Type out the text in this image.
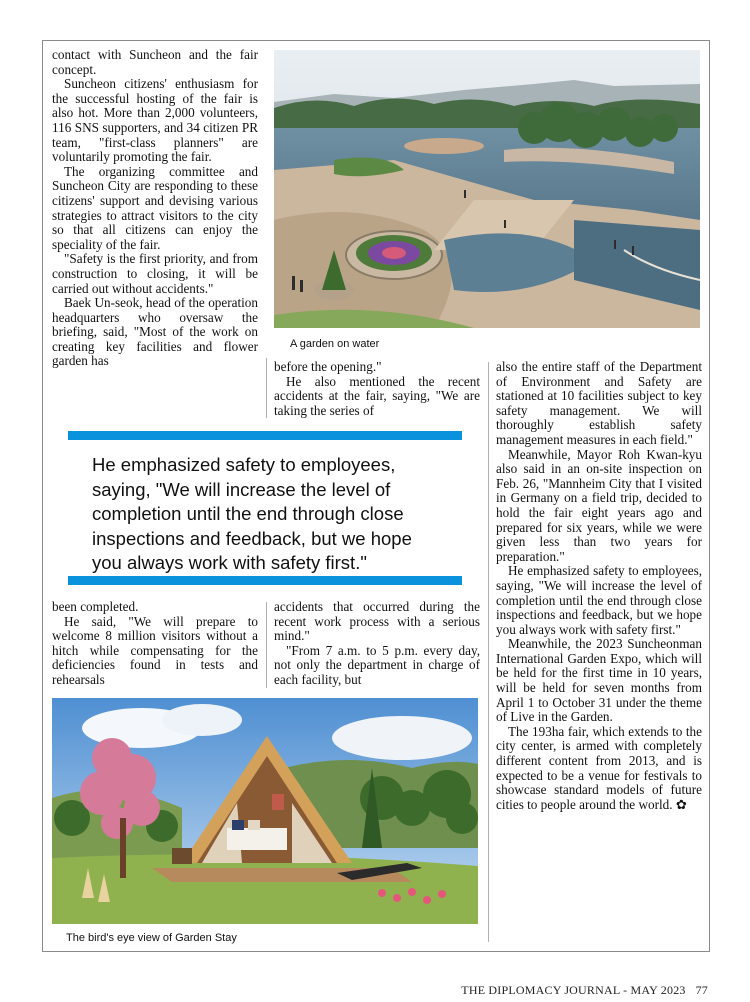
contact with Suncheon and the fair concept.

Suncheon citizens' enthusiasm for the successful hosting of the fair is also hot. More than 2,000 volunteers, 116 SNS supporters, and 34 citizen PR team, "first-class planners" are voluntarily promoting the fair.

The organizing committee and Suncheon City are responding to these citizens' support and devising various strategies to attract visitors to the city so that all citizens can enjoy the speciality of the fair.

"Safety is the first priority, and from construction to closing, it will be carried out without accidents."

Baek Un-seok, head of the operation headquarters who oversaw the briefing, said, "Most of the work on creating key facilities and flower garden has

A garden on water

before the opening."

He also mentioned the recent accidents at the fair, saying, "We are taking the series of

also the entire staff of the Department of Environment and Safety are stationed at 10 facilities subject to key safety management. We will thoroughly establish safety management measures in each field."

Meanwhile, Mayor Roh Kwan-kyu also said in an on-site inspection on Feb. 26, "Mannheim City that I visited in Germany on a field trip, decided to hold the fair eight years ago and prepared for six years, while we were given less than two years for preparation."

He emphasized safety to employees, saying, "We will increase the level of completion until the end through close inspections and feedback, but we hope you always work with safety first."

Meanwhile, the 2023 Suncheonman International Garden Expo, which will be held for the first time in 10 years, will be held for seven months from April 1 to October 31 under the theme of Live in the Garden.

The 193ha fair, which extends to the city center, is armed with completely different content from 2013, and is expected to be a venue for festivals to showcase standard models of future cities to people around the world. ✿

He emphasized safety to employees, saying, "We will increase the level of completion until the end through close inspections and feedback, but we hope you always work with safety first."

been completed.

He said, "We will prepare to welcome 8 million visitors without a hitch while compensating for the deficiencies found in tests and rehearsals

accidents that occurred during the recent work process with a serious mind."

"From 7 a.m. to 5 p.m. every day, not only the department in charge of each facility, but

The bird's eye view of Garden Stay
THE DIPLOMACY JOURNAL - MAY 2023 77
